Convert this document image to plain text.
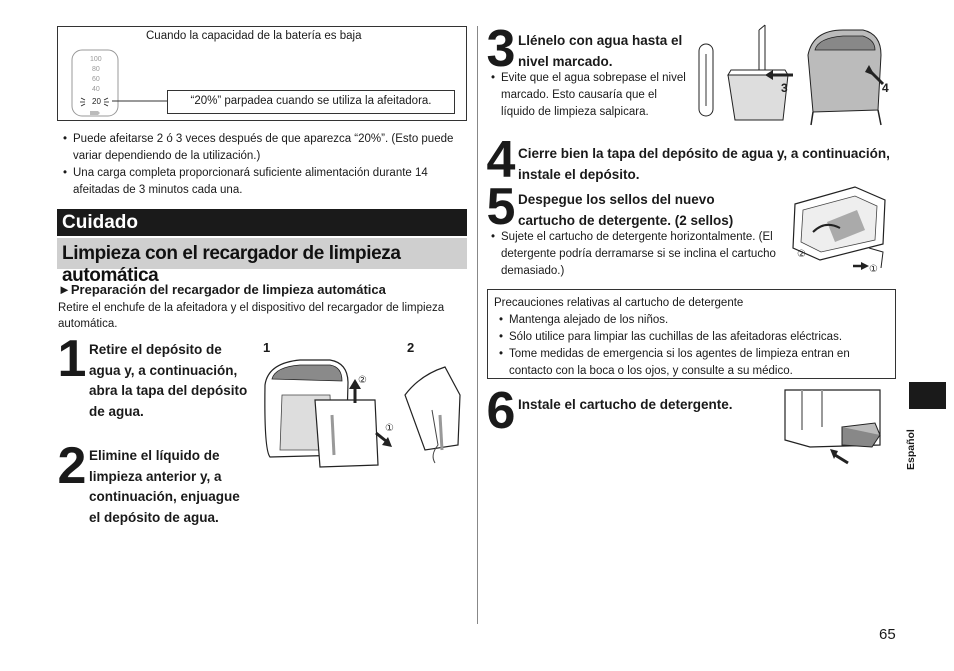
Cuando la capacidad de la batería es baja
100
80
60
40
20	“20%” parpadea cuando se utiliza la afeitadora.
• Puede afeitarse 2 ó 3 veces después de que aparezca “20%”. (Esto puede variar dependiendo de la utilización.)
• Una carga completa proporcionará suficiente alimentación durante 14 afeitadas de 3 minutos cada una.
Cuidado
Limpieza con el recargador de limpieza automática
►Preparación del recargador de limpieza automática
Retire el enchufe de la afeitadora y el dispositivo del recargador de limpieza automática.
1 Retire el depósito de agua y, a continuación, abra la tapa del depósito de agua.
2 Elimine el líquido de limpieza anterior y, a continuación, enjuague el depósito de agua.
1	2
②
①
3 Llénelo con agua hasta el nivel marcado.
• Evite que el agua sobrepase el nivel marcado. Esto causaría que el líquido de limpieza salpicara.
3	4
4 Cierre bien la tapa del depósito de agua y, a continuación, instale el depósito.
5 Despegue los sellos del nuevo cartucho de detergente. (2 sellos)
• Sujete el cartucho de detergente horizontalmente. (El detergente podría derramarse si se inclina el cartucho demasiado.)
②
①
Precauciones relativas al cartucho de detergente
• Mantenga alejado de los niños.
• Sólo utilice para limpiar las cuchillas de las afeitadoras eléctricas.
• Tome medidas de emergencia si los agentes de limpieza entran en contacto con la boca o los ojos, y consulte a su médico.
6 Instale el cartucho de detergente.
Español
65
